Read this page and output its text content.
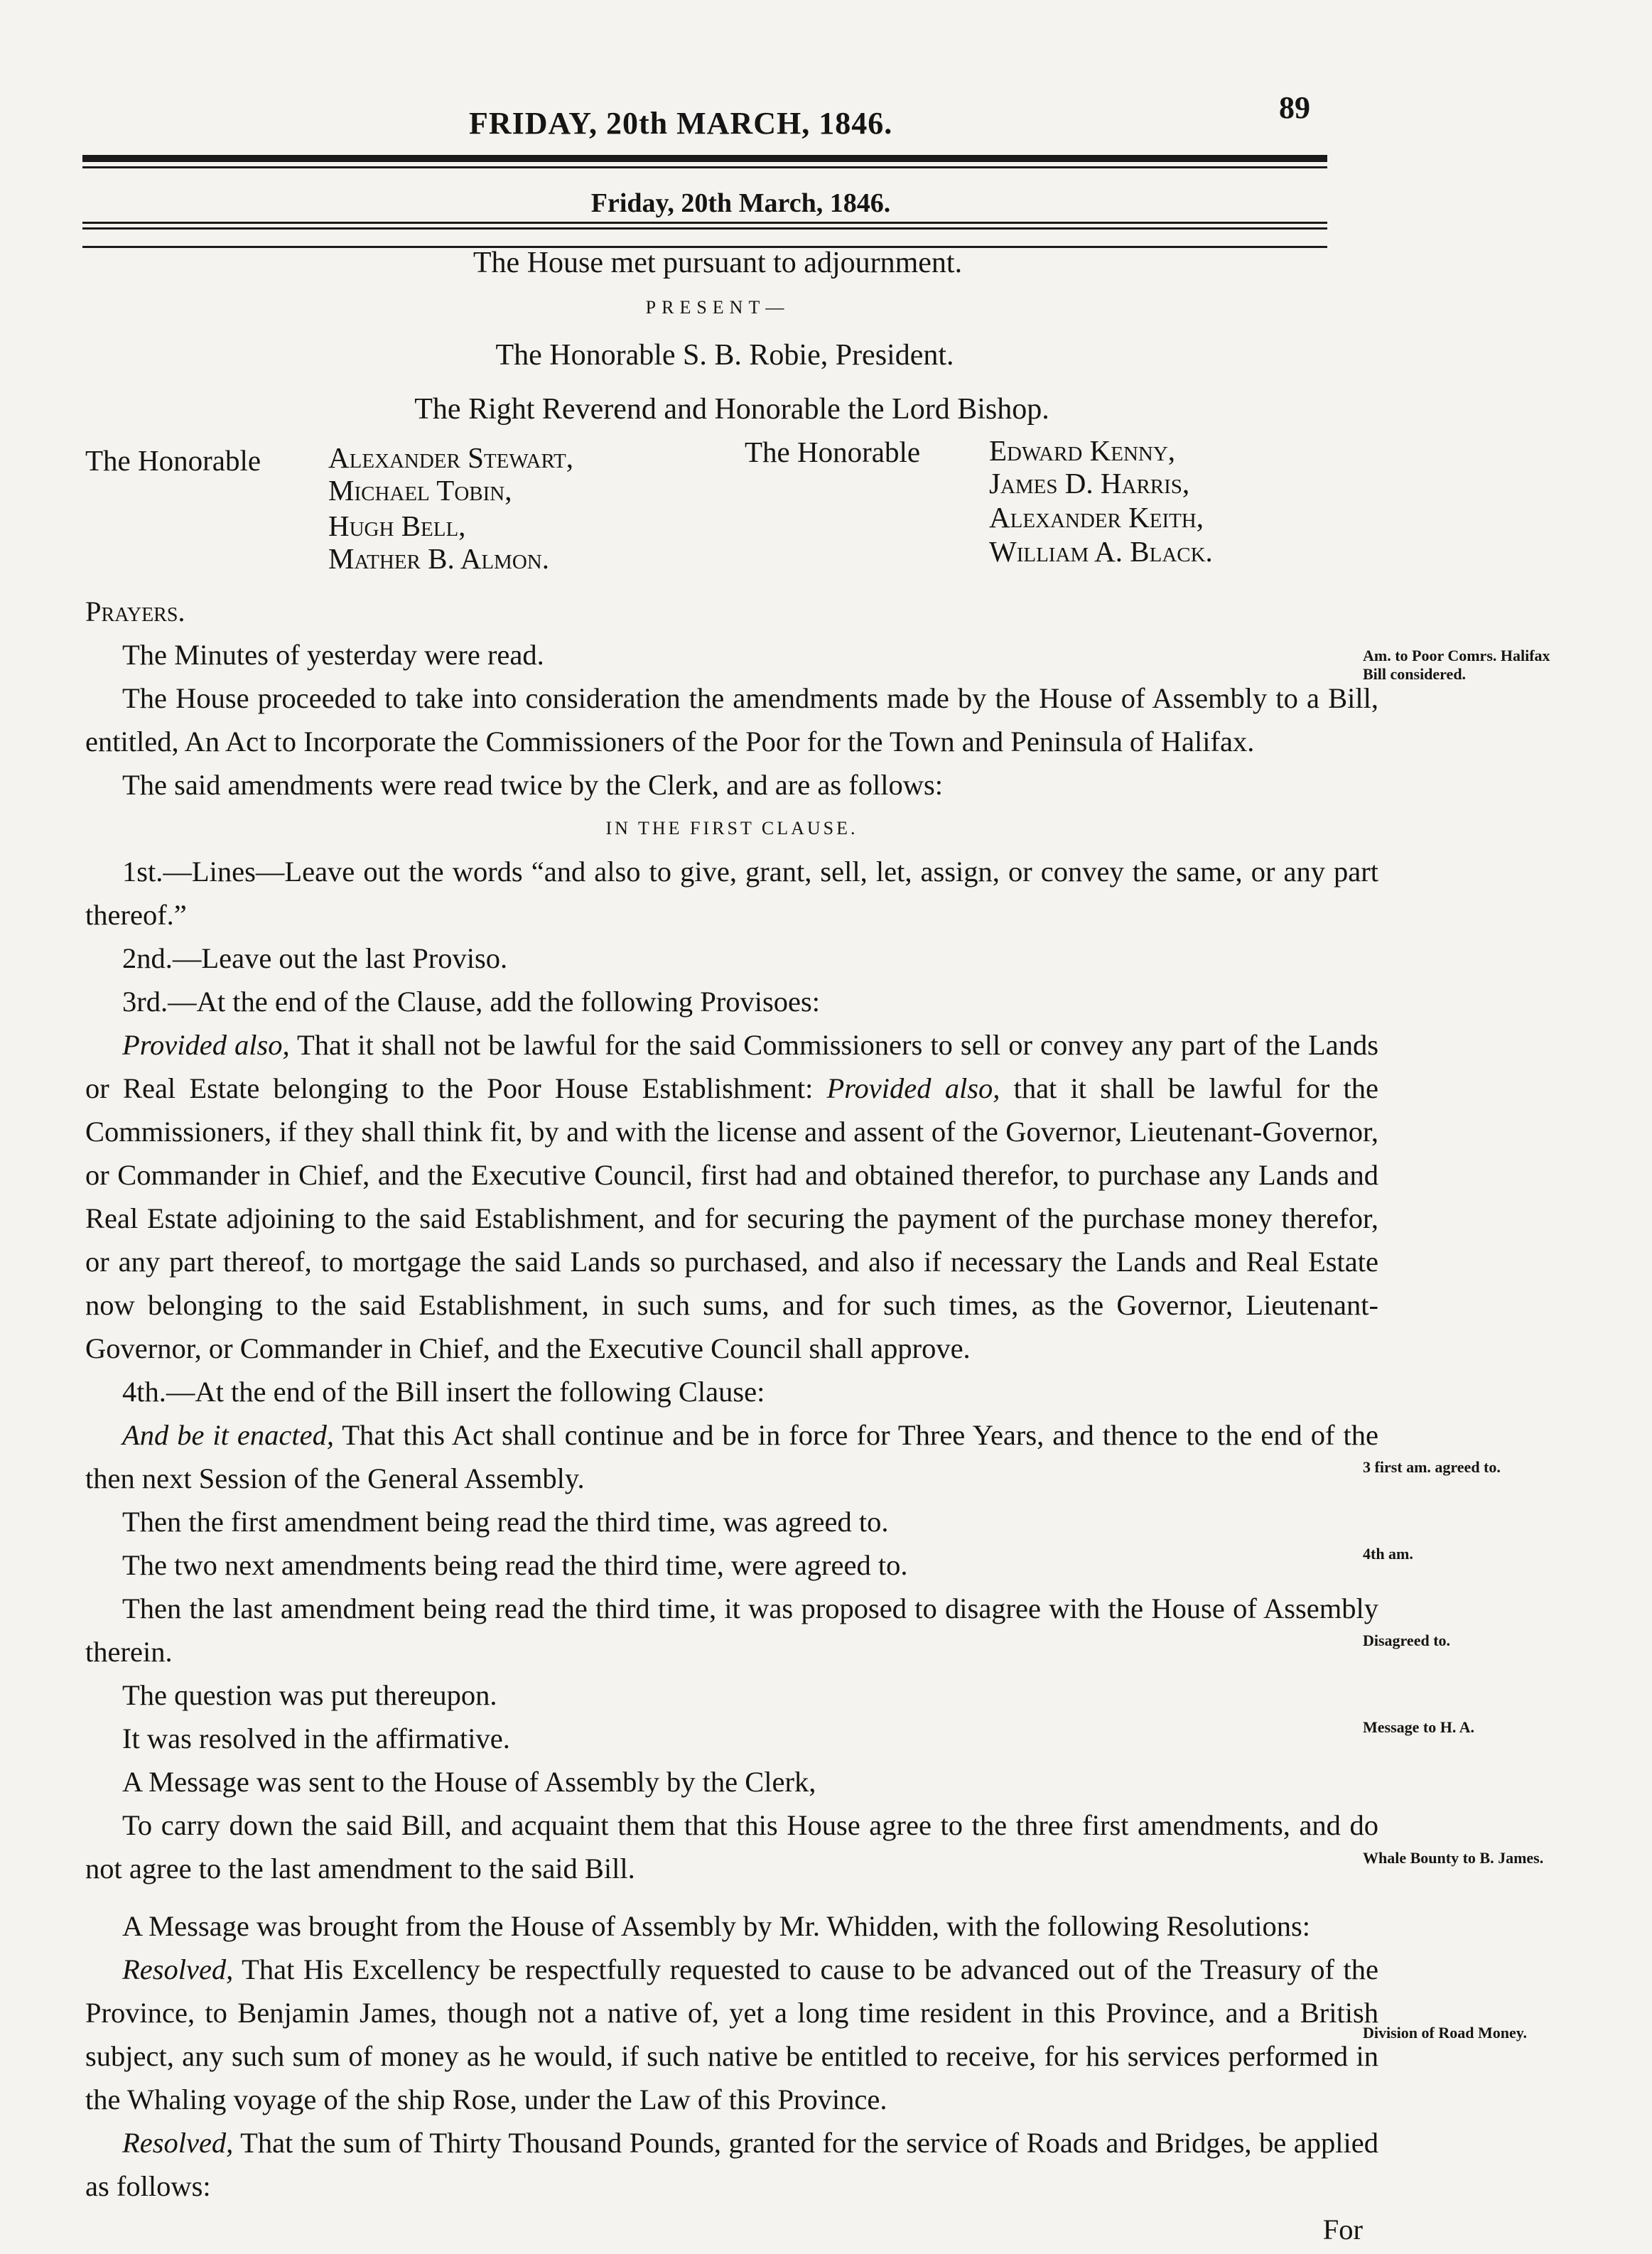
FRIDAY, 20th MARCH, 1846.	89
Friday, 20th March, 1846.
The House met pursuant to adjournment.
PRESENT—
The Honorable S. B. Robie, President.
The Right Reverend and Honorable the Lord Bishop.
The Honorable Alexander Stewart,
Michael Tobin,
Hugh Bell,
Mather B. Almon.
The Honorable Edward Kenny,
James D. Harris,
Alexander Keith,
William A. Black.

Prayers.

The Minutes of yesterday were read.

The House proceeded to take into consideration the amendments made by the House of Assembly to a Bill, entitled, An Act to Incorporate the Commissioners of the Poor for the Town and Peninsula of Halifax.

The said amendments were read twice by the Clerk, and are as follows:

IN THE FIRST CLAUSE.

1st.—Lines—Leave out the words “and also to give, grant, sell, let, assign, or convey the same, or any part thereof.”

2nd.—Leave out the last Proviso.

3rd.—At the end of the Clause, add the following Provisoes:

Provided also, That it shall not be lawful for the said Commissioners to sell or convey any part of the Lands or Real Estate belonging to the Poor House Establishment: Provided also, that it shall be lawful for the Commissioners, if they shall think fit, by and with the license and assent of the Governor, Lieutenant-Governor, or Commander in Chief, and the Executive Council, first had and obtained therefor, to purchase any Lands and Real Estate adjoining to the said Establishment, and for securing the payment of the purchase money therefor, or any part thereof, to mortgage the said Lands so purchased, and also if necessary the Lands and Real Estate now belonging to the said Establishment, in such sums, and for such times, as the Governor, Lieutenant-Governor, or Commander in Chief, and the Executive Council shall approve.

4th.—At the end of the Bill insert the following Clause:

And be it enacted, That this Act shall continue and be in force for Three Years, and thence to the end of the then next Session of the General Assembly.

Then the first amendment being read the third time, was agreed to.

The two next amendments being read the third time, were agreed to.

Then the last amendment being read the third time, it was proposed to disagree with the House of Assembly therein.

The question was put thereupon.

It was resolved in the affirmative.

A Message was sent to the House of Assembly by the Clerk,

To carry down the said Bill, and acquaint them that this House agree to the three first amendments, and do not agree to the last amendment to the said Bill.

A Message was brought from the House of Assembly by Mr. Whidden, with the following Resolutions:

Resolved, That His Excellency be respectfully requested to cause to be advanced out of the Treasury of the Province, to Benjamin James, though not a native of, yet a long time resident in this Province, and a British subject, any such sum of money as he would, if such native be entitled to receive, for his services performed in the Whaling voyage of the ship Rose, under the Law of this Province.

Resolved, That the sum of Thirty Thousand Pounds, granted for the service of Roads and Bridges, be applied as follows:

For
Am. to Poor Comrs. Halifax Bill considered.
3 first am. agreed to.
4th am.
Disagreed to.
Message to H. A.
Whale Bounty to B. James.
Division of Road Money.
